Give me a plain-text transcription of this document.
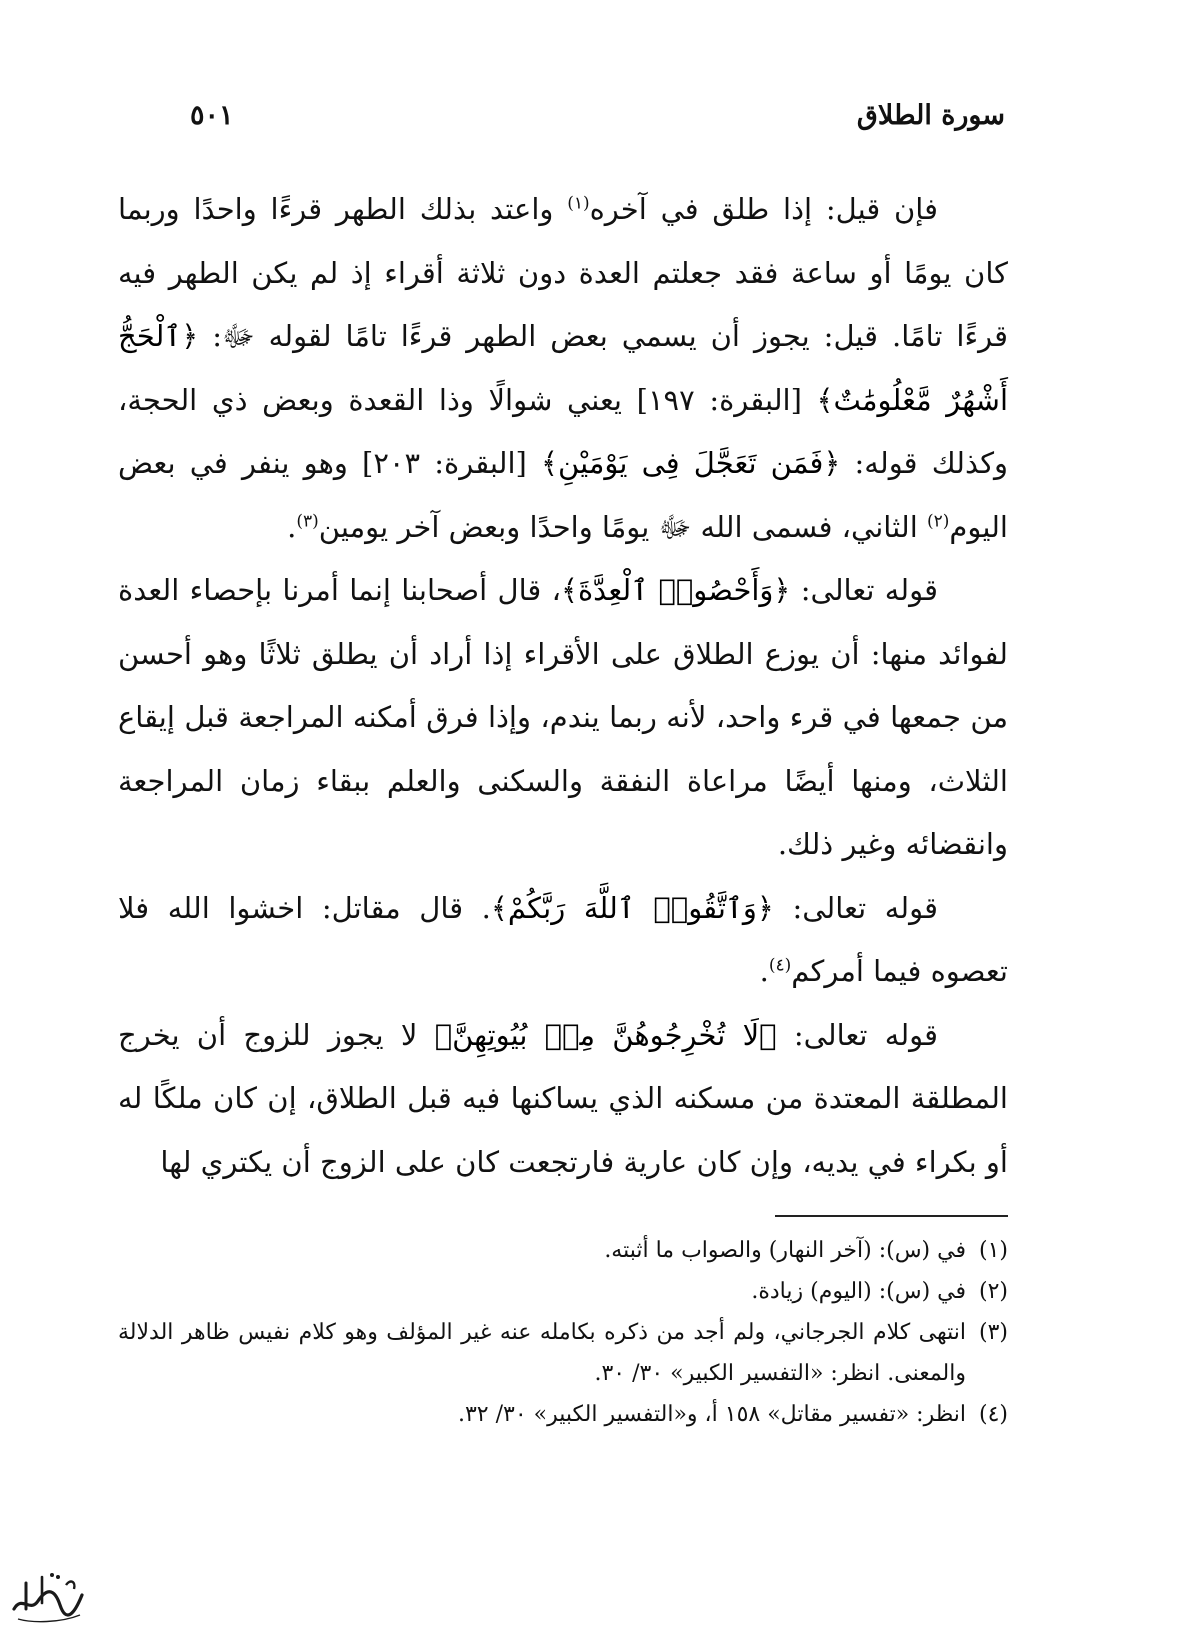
سورة الطلاق
٥٠١

فإن قيل: إذا طلق في آخره$^{(١)}$ واعتد بذلك الطهر قرءًا واحدًا وربما كان يومًا أو ساعة فقد جعلتم العدة دون ثلاثة أقراء إذ لم يكن الطهر فيه قرءًا تامًا. قيل: يجوز أن يسمي بعض الطهر قرءًا تامًا لقوله ﷻ: ﴿ٱلْحَجُّ أَشْهُرٌ مَّعْلُومَٰتٌ﴾ [البقرة: ١٩٧] يعني شوالًا وذا القعدة وبعض ذي الحجة، وكذلك قوله: ﴿فَمَن تَعَجَّلَ فِى يَوْمَيْنِ﴾ [البقرة: ٢٠٣] وهو ينفر في بعض اليوم$^{(٢)}$ الثاني، فسمى الله ﷻ يومًا واحدًا وبعض آخر يومين$^{(٣)}$.

قوله تعالى: ﴿وَأَحْصُوا۟ ٱلْعِدَّةَ﴾، قال أصحابنا إنما أمرنا بإحصاء العدة لفوائد منها: أن يوزع الطلاق على الأقراء إذا أراد أن يطلق ثلاثًا وهو أحسن من جمعها في قرء واحد، لأنه ربما يندم، وإذا فرق أمكنه المراجعة قبل إيقاع الثلاث، ومنها أيضًا مراعاة النفقة والسكنى والعلم ببقاء زمان المراجعة وانقضائه وغير ذلك.

قوله تعالى: ﴿وَٱتَّقُوا۟ ٱللَّهَ رَبَّكُمْ﴾. قال مقاتل: اخشوا الله فلا تعصوه فيما أمركم$^{(٤)}$.

قوله تعالى: ﴿لَا تُخْرِجُوهُنَّ مِنۢ بُيُوتِهِنَّ﴾ لا يجوز للزوج أن يخرج المطلقة المعتدة من مسكنه الذي يساكنها فيه قبل الطلاق، إن كان ملكًا له أو بكراء في يديه، وإن كان عارية فارتجعت كان على الزوج أن يكتري لها

(١)
في (س): (آخر النهار) والصواب ما أثبته.
(٢)
في (س): (اليوم) زيادة.
(٣)
انتهى كلام الجرجاني، ولم أجد من ذكره بكامله عنه غير المؤلف وهو كلام نفيس ظاهر الدلالة والمعنى. انظر: «التفسير الكبير» ٣٠/ ٣٠.
(٤)
انظر: «تفسير مقاتل» ١٥٨ أ، و«التفسير الكبير» ٣٠/ ٣٢.
